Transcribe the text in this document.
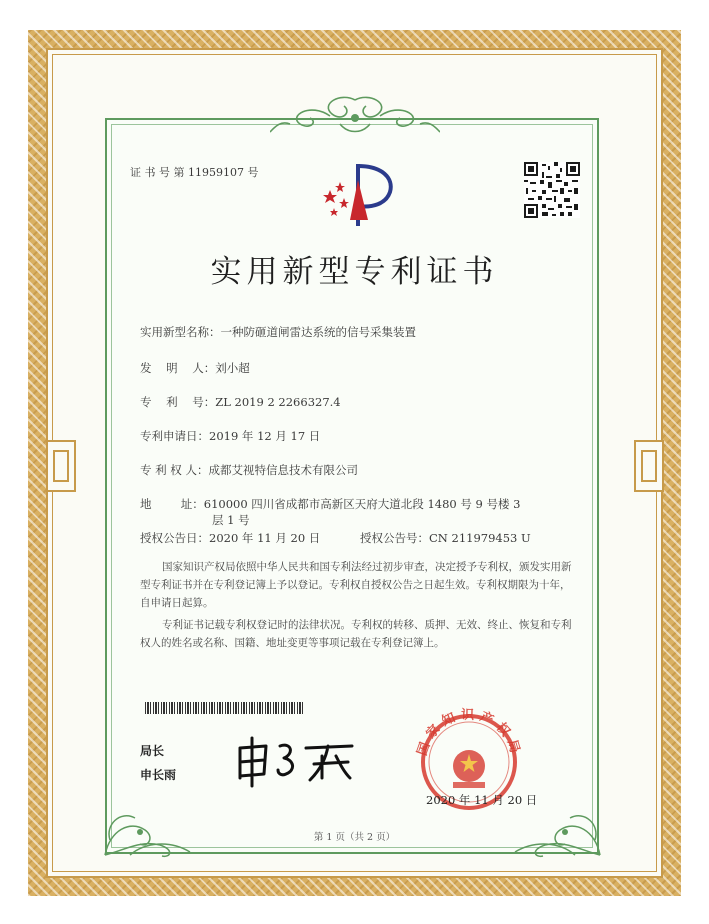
证 书 号 第 11959107 号
实用新型专利证书
实用新型名称：一种防砸道闸雷达系统的信号采集装置
发    明    人：刘小超
专    利    号：ZL 2019 2 2266327.4
专利申请日：2019 年 12 月 17 日
专 利 权 人：成都艾视特信息技术有限公司
地        址：610000 四川省成都市高新区天府大道北段 1480 号 9 号楼 3
层 1 号
授权公告日：2020 年 11 月 20 日	授权公告号：CN 211979453 U
国家知识产权局依照中华人民共和国专利法经过初步审查，决定授予专利权，颁发实用新型专利证书并在专利登记簿上予以登记。专利权自授权公告之日起生效。专利权期限为十年，自申请日起算。
专利证书记载专利权登记时的法律状况。专利权的转移、质押、无效、终止、恢复和专利权人的姓名或名称、国籍、地址变更等事项记载在专利登记簿上。
局长
申长雨
国家知识产权局
2020 年 11 月 20 日
第 1 页（共 2 页）
